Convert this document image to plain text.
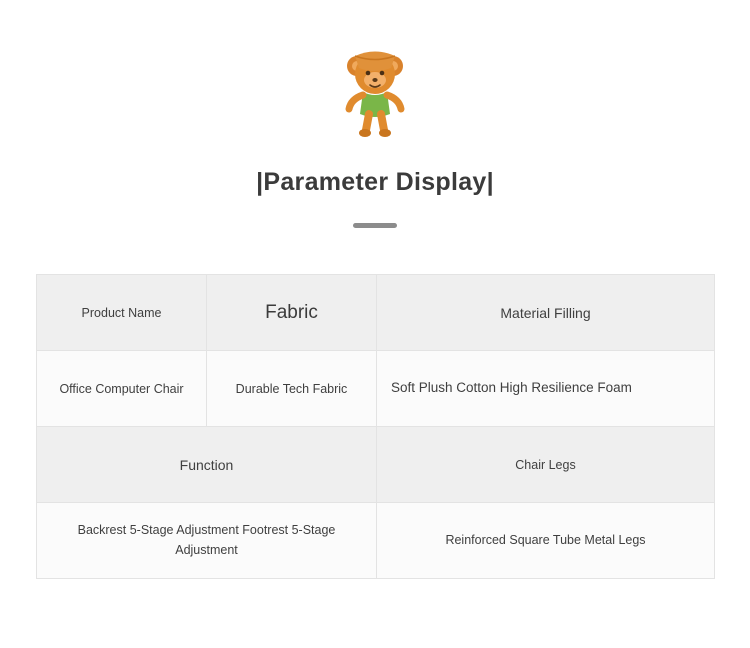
|Parameter Display|
Product Name	Fabric	Material Filling
Office Computer Chair	Durable Tech Fabric	Soft Plush Cotton High Resilience Foam
Function		Chair Legs
Backrest 5-Stage Adjustment Footrest 5-Stage Adjustment		Reinforced Square Tube Metal Legs
